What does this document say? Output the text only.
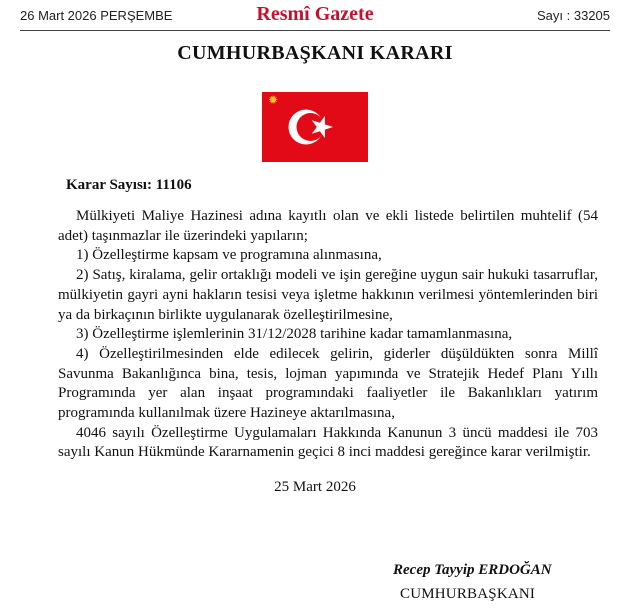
26 Mart 2026 PERŞEMBE	Resmî Gazete	Sayı : 33205
CUMHURBAŞKANI KARARI
✹
Karar Sayısı: 11106

Mülkiyeti Maliye Hazinesi adına kayıtlı olan ve ekli listede belirtilen muhtelif (54 adet) taşınmazlar ile üzerindeki yapıların;

1) Özelleştirme kapsam ve programına alınmasına,

2) Satış, kiralama, gelir ortaklığı modeli ve işin gereğine uygun sair hukuki tasarruflar, mülkiyetin gayri ayni hakların tesisi veya işletme hakkının verilmesi yöntemlerinden biri ya da birkaçının birlikte uygulanarak özelleştirilmesine,

3) Özelleştirme işlemlerinin 31/12/2028 tarihine kadar tamamlanmasına,

4) Özelleştirilmesinden elde edilecek gelirin, giderler düşüldükten sonra Millî Savunma Bakanlığınca bina, tesis, lojman yapımında ve Stratejik Hedef Planı Yıllı Programında yer alan inşaat programındaki faaliyetler ile Bakanlıkları yatırım programında kullanılmak üzere Hazineye aktarılmasına,

4046 sayılı Özelleştirme Uygulamaları Hakkında Kanunun 3 üncü maddesi ile 703 sayılı Kanun Hükmünde Kararnamenin geçici 8 inci maddesi gereğince karar verilmiştir.

25 Mart 2026
Recep Tayyip ERDOĞAN
CUMHURBAŞKANI
